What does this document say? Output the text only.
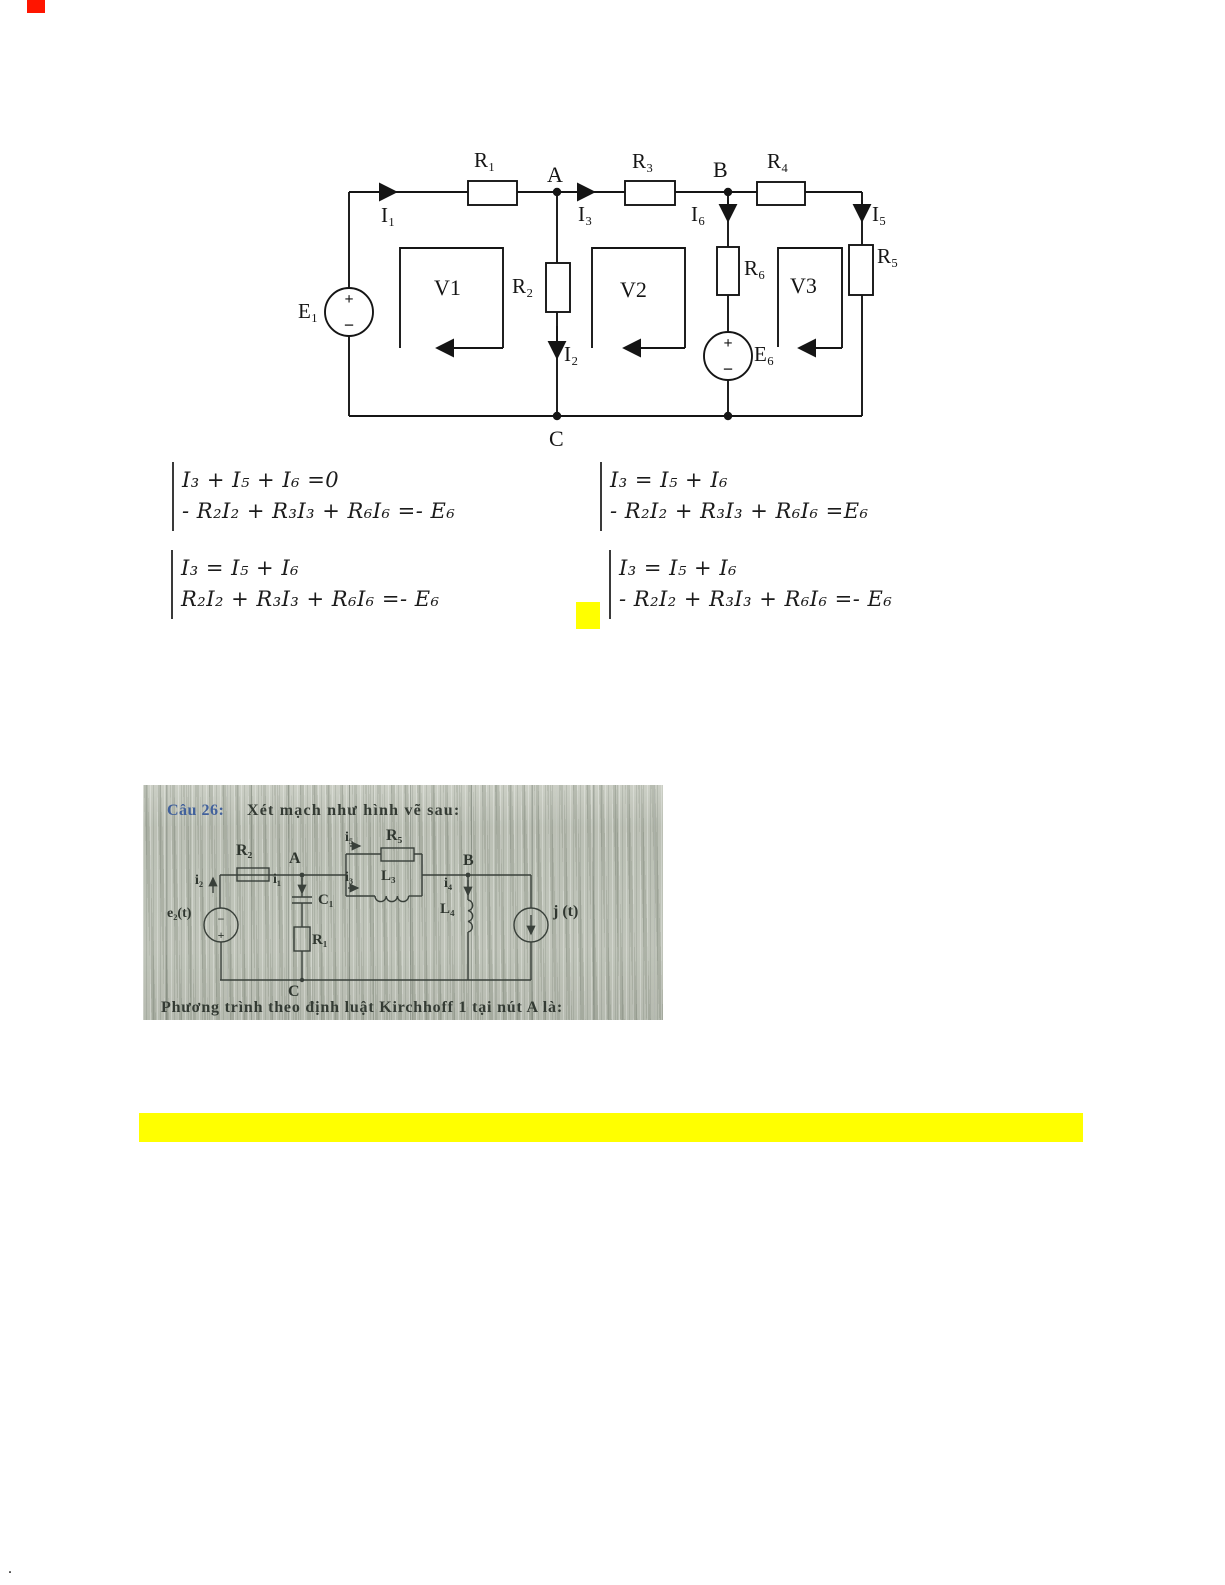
E₁ +
−
I₁
R₁
A
I₃
R₃	B R₄
I₆	I₅
R₅
R₆
R₂
I₂	E₆
+
−
V1	V2	V3
C
I₃ + I₅ + I₆ =0
- R₂I₂ + R₃I₃ + R₆I₆ =- E₆
I₃ = I₅ + I₆
- R₂I₂ + R₃I₃ + R₆I₆ =E₆
I₃ = I₅ + I₆
R₂I₂ + R₃I₃ + R₆I₆ =- E₆
I₃ = I₅ + I₆
- R₂I₂ + R₃I₃ + R₆I₆ =- E₆
Câu 26: Xét mạch như hình vẽ sau:
i₂
R₂ A
i₁
C₁
R₁
e₂(t) −
+
i₅ R₅
i₃ L₃
B
i₄
L₄	j (t)
C
Phương trình theo định luật Kirchhoff 1 tại nút A là:
.
